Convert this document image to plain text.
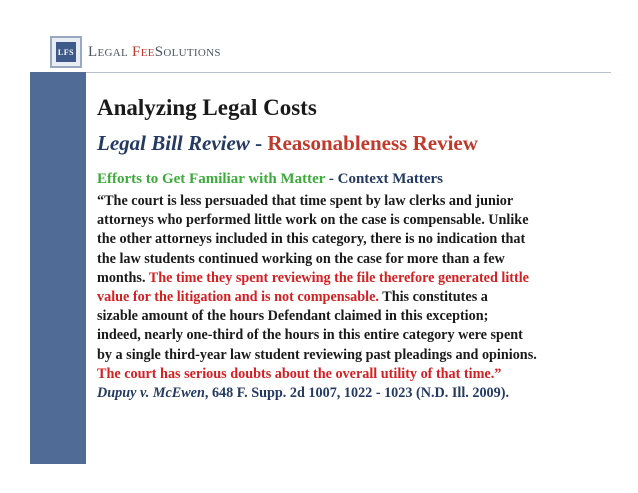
LFS Legal FeeSolutions
Analyzing Legal Costs
Legal Bill Review - Reasonableness Review
Efforts to Get Familiar with Matter - Context Matters
“The court is less persuaded that time spent by law clerks and junior
attorneys who performed little work on the case is compensable. Unlike
the other attorneys included in this category, there is no indication that
the law students continued working on the case for more than a few
months. The time they spent reviewing the file therefore generated little
value for the litigation and is not compensable. This constitutes a
sizable amount of the hours Defendant claimed in this exception;
indeed, nearly one-third of the hours in this entire category were spent
by a single third-year law student reviewing past pleadings and opinions.
The court has serious doubts about the overall utility of that time.”
Dupuy v. McEwen, 648 F. Supp. 2d 1007, 1022 - 1023 (N.D. Ill. 2009).
